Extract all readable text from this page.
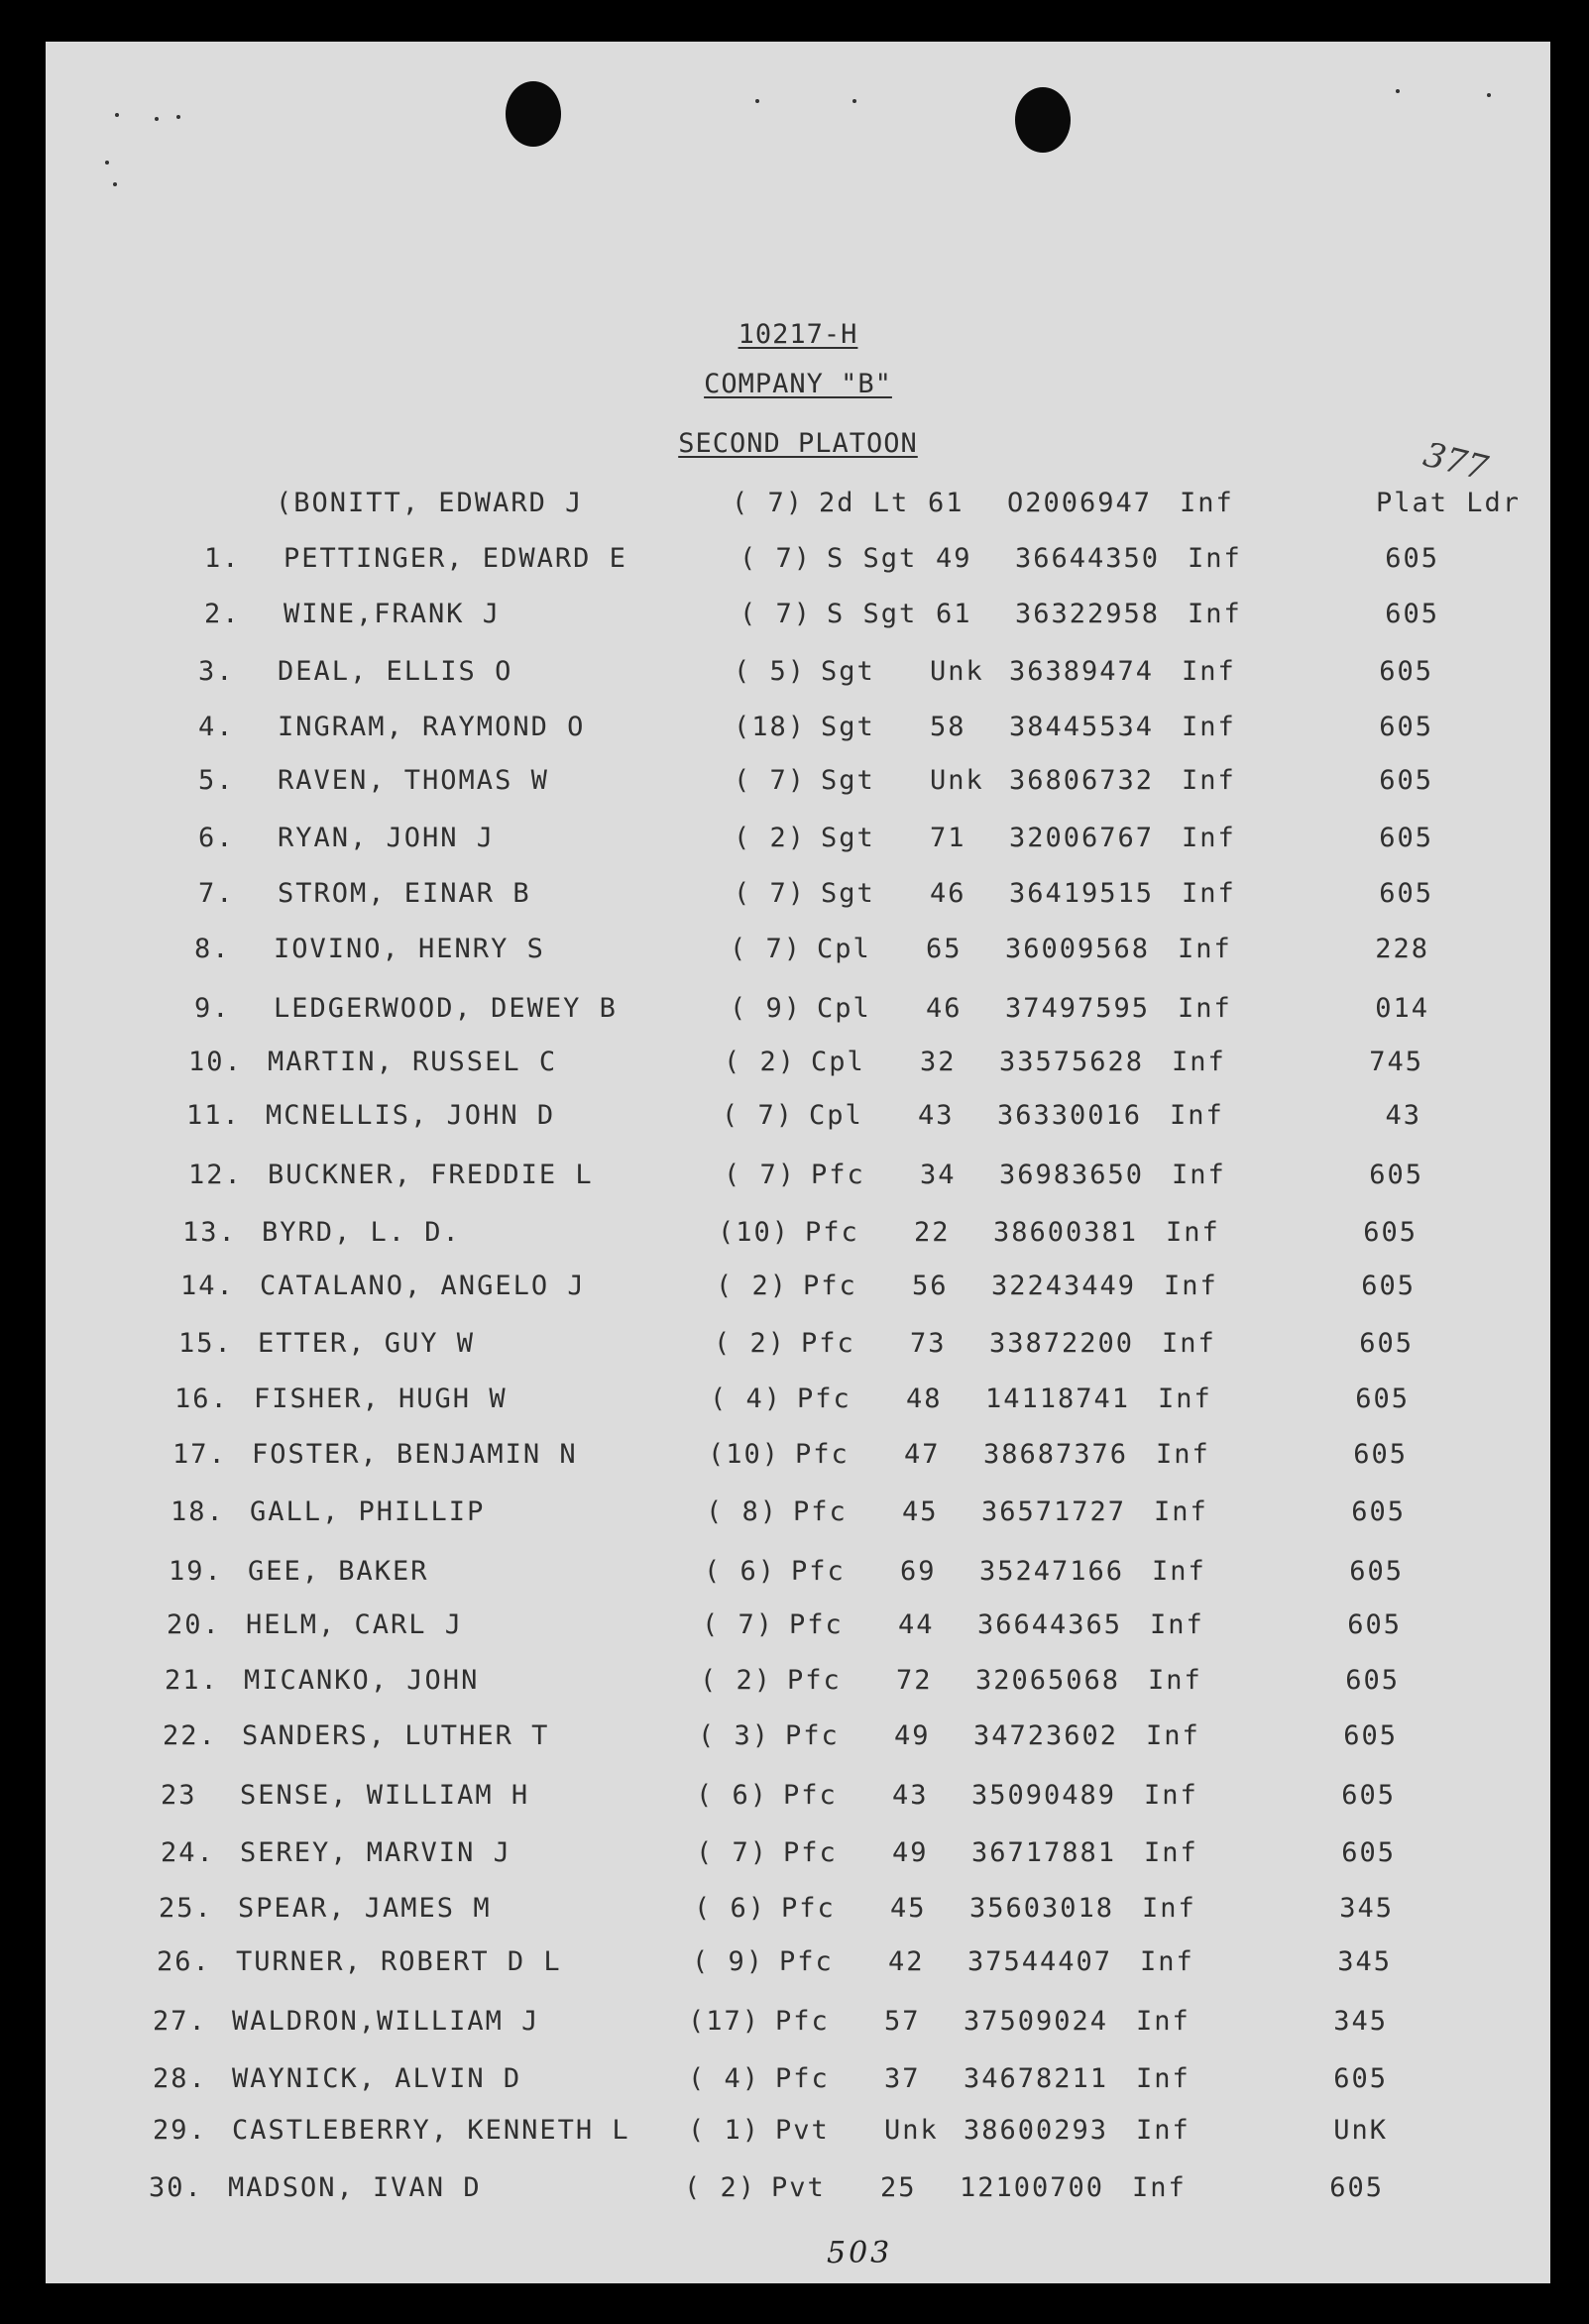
10217-H
COMPANY "B"
SECOND PLATOON	377
(BONITT, EDWARD J	( 7) 2d Lt 61 O2006947 Inf	Plat Ldr
1. PETTINGER, EDWARD E	( 7) S Sgt 49 36644350 Inf	605
2. WINE,FRANK J	( 7) S Sgt 61 36322958 Inf	605
3. DEAL, ELLIS O	( 5) Sgt Unk 36389474 Inf	605
4. INGRAM, RAYMOND O	(18) Sgt 58 38445534 Inf	605
5. RAVEN, THOMAS W	( 7) Sgt Unk 36806732 Inf	605
6. RYAN, JOHN J	( 2) Sgt 71 32006767 Inf	605
7. STROM, EINAR B	( 7) Sgt 46 36419515 Inf	605
8. IOVINO, HENRY S	( 7) Cpl 65 36009568 Inf	228
9. LEDGERWOOD, DEWEY B	( 9) Cpl 46 37497595 Inf	014
10. MARTIN, RUSSEL C	( 2) Cpl 32 33575628 Inf	745
11. MCNELLIS, JOHN D	( 7) Cpl 43 36330016 Inf	43
12. BUCKNER, FREDDIE L	( 7) Pfc 34 36983650 Inf	605
13. BYRD, L. D.	(10) Pfc 22 38600381 Inf	605
14. CATALANO, ANGELO J	( 2) Pfc 56 32243449 Inf	605
15. ETTER, GUY W	( 2) Pfc 73 33872200 Inf	605
16. FISHER, HUGH W	( 4) Pfc 48 14118741 Inf	605
17. FOSTER, BENJAMIN N	(10) Pfc 47 38687376 Inf	605
18. GALL, PHILLIP	( 8) Pfc 45 36571727 Inf	605
19. GEE, BAKER	( 6) Pfc 69 35247166 Inf	605
20. HELM, CARL J	( 7) Pfc 44 36644365 Inf	605
21. MICANKO, JOHN	( 2) Pfc 72 32065068 Inf	605
22. SANDERS, LUTHER T	( 3) Pfc 49 34723602 Inf	605
23 SENSE, WILLIAM H	( 6) Pfc 43 35090489 Inf	605
24. SEREY, MARVIN J	( 7) Pfc 49 36717881 Inf	605
25. SPEAR, JAMES M	( 6) Pfc 45 35603018 Inf	345
26. TURNER, ROBERT D L	( 9) Pfc 42 37544407 Inf	345
27. WALDRON,WILLIAM J	(17) Pfc 57 37509024 Inf	345
28. WAYNICK, ALVIN D	( 4) Pfc 37 34678211 Inf	605
29. CASTLEBERRY, KENNETH L ( 1) Pvt Unk 38600293 Inf	UnK
30. MADSON, IVAN D	( 2) Pvt 25 12100700 Inf	605
503
